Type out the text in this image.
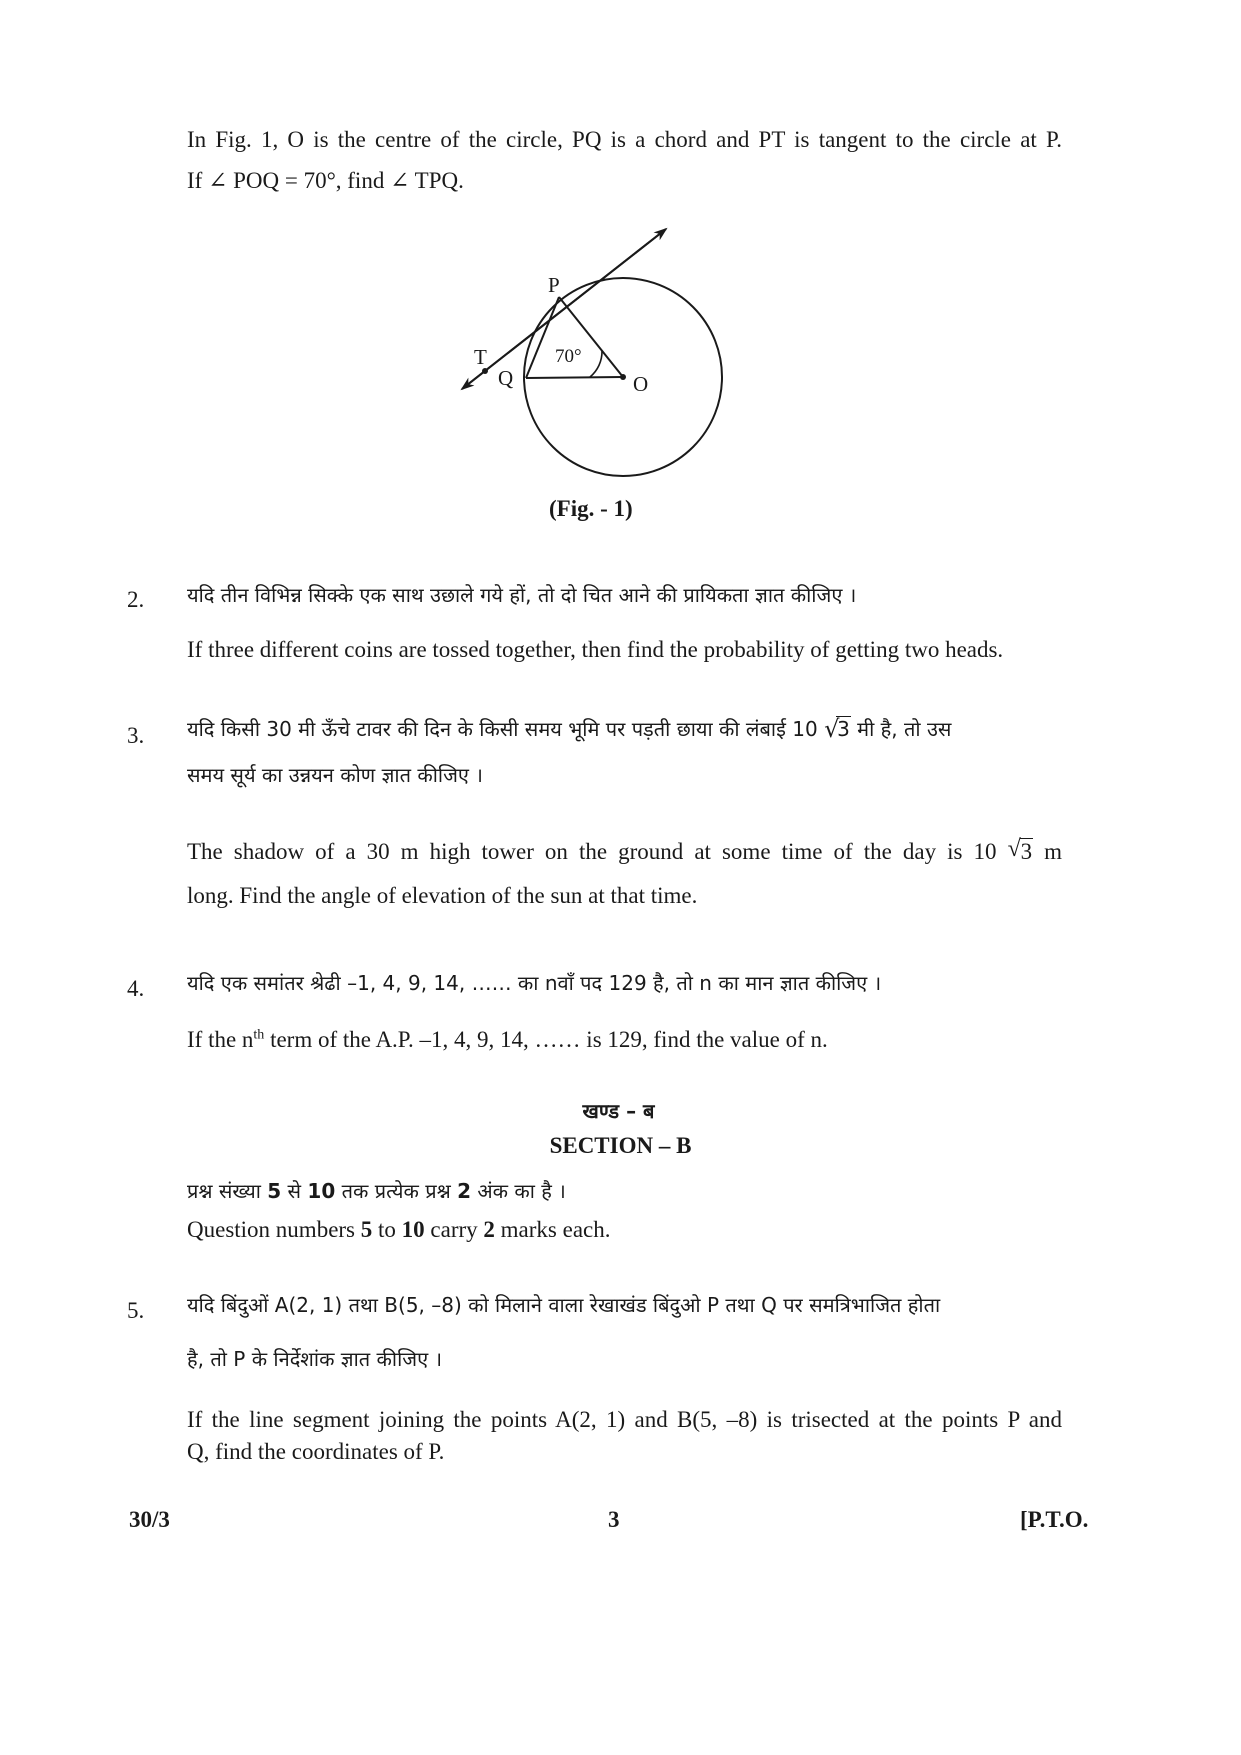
In Fig. 1, O is the centre of the circle, PQ is a chord and PT is tangent to the circle at P.
If ∠ POQ = 70°, find ∠ TPQ.
P
Q
T
O
70°
(Fig. - 1)
2. यदि तीन विभिन्न सिक्के एक साथ उछाले गये हों, तो दो चित आने की प्रायिकता ज्ञात कीजिए ।
If three different coins are tossed together, then find the probability of getting two heads.
3. यदि किसी 30 मी ऊँचे टावर की दिन के किसी समय भूमि पर पड़ती छाया की लंबाई 10 √
3 मी है, तो उस
समय सूर्य का उन्नयन कोण ज्ञात कीजिए ।
The shadow of a 30 m high tower on the ground at some time of the day is 10 √ 3 m
long. Find the angle of elevation of the sun at that time.
4. यदि एक समांतर श्रेढी –1, 4, 9, 14, …… का nवाँ पद 129 है, तो n का मान ज्ञात कीजिए ।
If the $n^{th}$ term of the A.P. –1, 4, 9, 14, …… is 129, find the value of n.
खण्ड – ब
SECTION – B
प्रश्न संख्या 5 से 10 तक प्रत्येक प्रश्न 2 अंक का है ।
Question numbers 5 to 10 carry 2 marks each.
5. यदि बिंदुओं A(2, 1) तथा B(5, –8) को मिलाने वाला रेखाखंड बिंदुओ P तथा Q पर समत्रिभाजित होता
है, तो P के निर्देशांक ज्ञात कीजिए ।
If the line segment joining the points A(2, 1) and B(5, –8) is trisected at the points P and
Q, find the coordinates of P.
30/3	3	[P.T.O.
